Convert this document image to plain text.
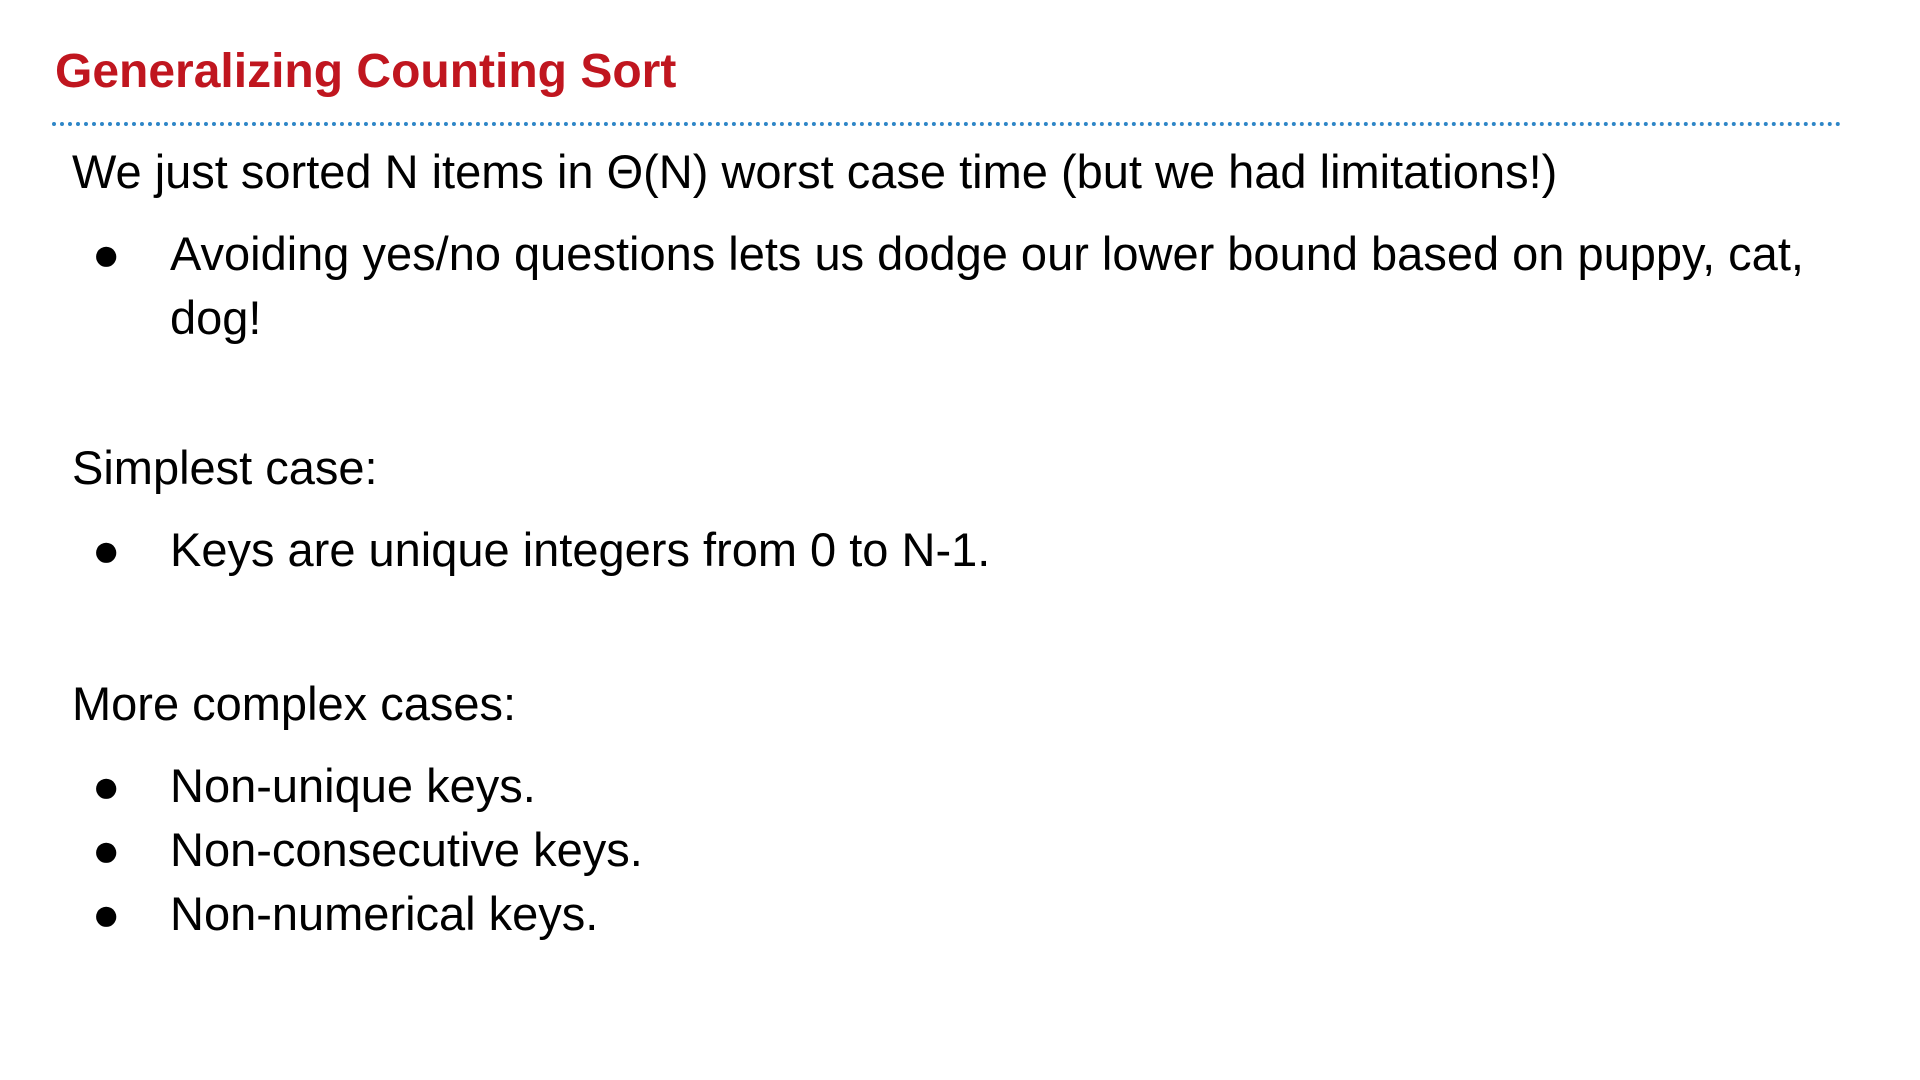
Generalizing Counting Sort

We just sorted N items in Θ(N) worst case time (but we had limitations!)

● Avoiding yes/no questions lets us dodge our lower bound based on puppy, cat, dog!

Simplest case:

● Keys are unique integers from 0 to N-1.

More complex cases:

● Non-unique keys.
● Non-consecutive keys.
● Non-numerical keys.
